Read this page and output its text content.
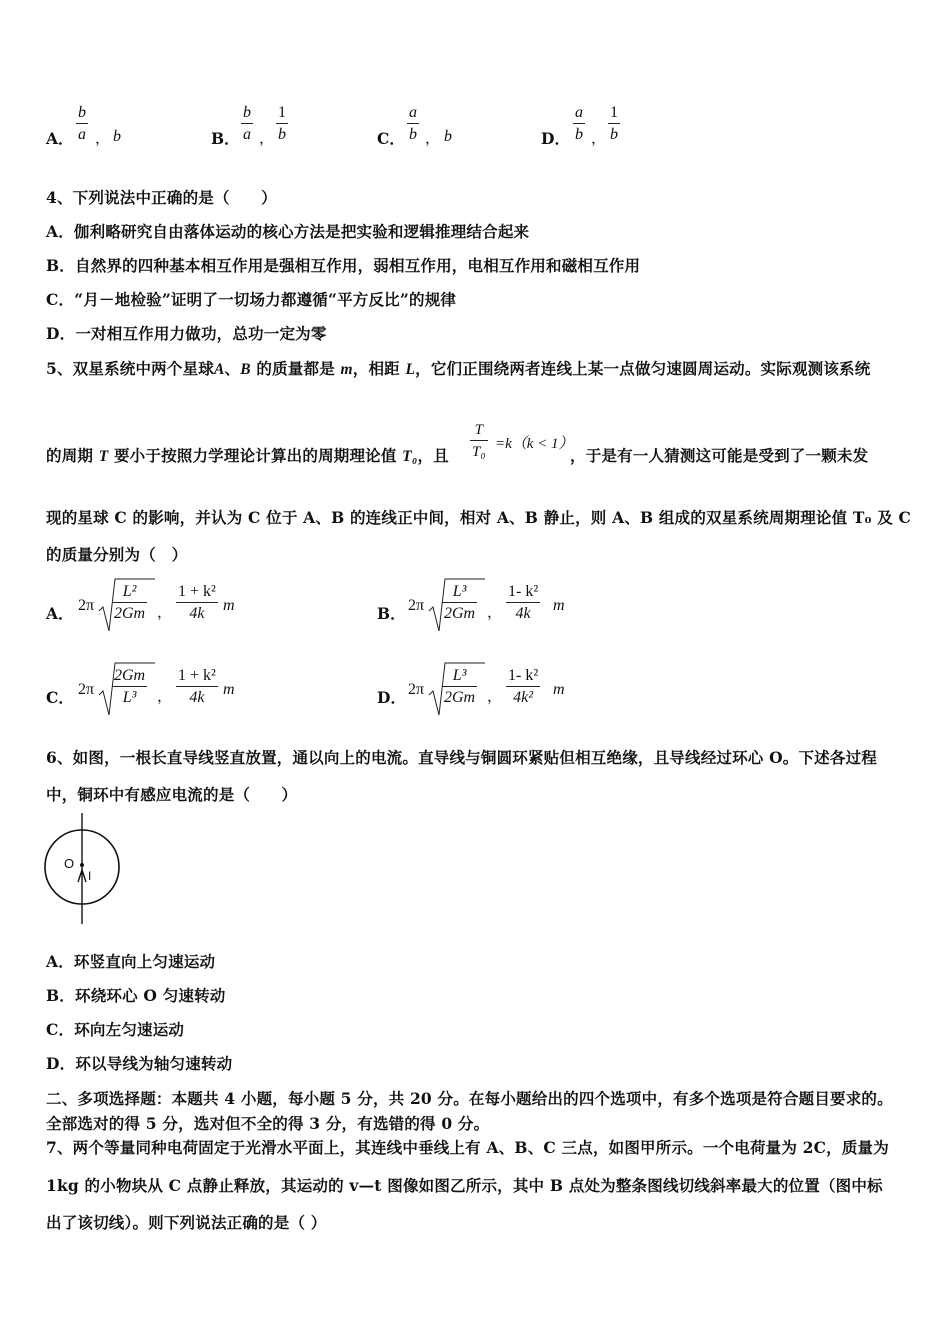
A． $\frac{b}{a}$ ， b	B． $\frac{b}{a}$ ， $\frac{1}{b}$	C． $\frac{a}{b}$ ， b	D． $\frac{a}{b}$ ， $\frac{1}{b}$
4、下列说法中正确的是（　　）
A．伽利略研究自由落体运动的核心方法是把实验和逻辑推理结合起来
B．自然界的四种基本相互作用是强相互作用，弱相互作用，电相互作用和磁相互作用
C．“月－地检验”证明了一切场力都遵循“平方反比”的规律
D．一对相互作用力做功，总功一定为零
5、双星系统中两个星球A、B 的质量都是 m，相距 L，它们正围绕两者连线上某一点做匀速圆周运动。实际观测该系统
的周期 T 要小于按照力学理论计算出的周期理论值 T₀，且 $\frac{T}{\text{T₀}} =k(k < 1)$
，于是有一人猜测这可能是受到了一颗未发
现的星球 C 的影响，并认为 C 位于 A、B 的连线正中间，相对 A、B 静止，则 A、B 组成的双星系统周期理论值 T₀ 及 C
的质量分别为（　）
A． $2\pi \frac{\text{L²}}{2Gm}$ ， $\frac{\text{1 + k²}}{4k}$ m	B． $2\pi \frac{\text{L³}}{2Gm}$ ， $\frac{\text{1- k²}}{4k}$ m
C． $2\pi \frac{2Gm}{\text{L³}}$ ， $\frac{\text{1 + k²}}{4k}$ m	D． $2\pi \frac{\text{L³}}{2Gm}$ ， $\frac{\text{1- k²}}{\text{4k²}}$ m
6、如图，一根长直导线竖直放置，通以向上的电流。直导线与铜圆环紧贴但相互绝缘，且导线经过环心 O。下述各过程
中，铜环中有感应电流的是（　　）
O
I
A．环竖直向上匀速运动
B．环绕环心 O 匀速转动
C．环向左匀速运动
D．环以导线为轴匀速转动
二、多项选择题：本题共 4 小题，每小题 5 分，共 20 分。在每小题给出的四个选项中，有多个选项是符合题目要求的。
全部选对的得 5 分，选对但不全的得 3 分，有选错的得 0 分。
7、两个等量同种电荷固定于光滑水平面上，其连线中垂线上有 A、B、C 三点，如图甲所示。一个电荷量为 2C，质量为
1kg 的小物块从 C 点静止释放，其运动的 v—t 图像如图乙所示，其中 B 点处为整条图线切线斜率最大的位置（图中标
出了该切线）。则下列说法正确的是（ ）
